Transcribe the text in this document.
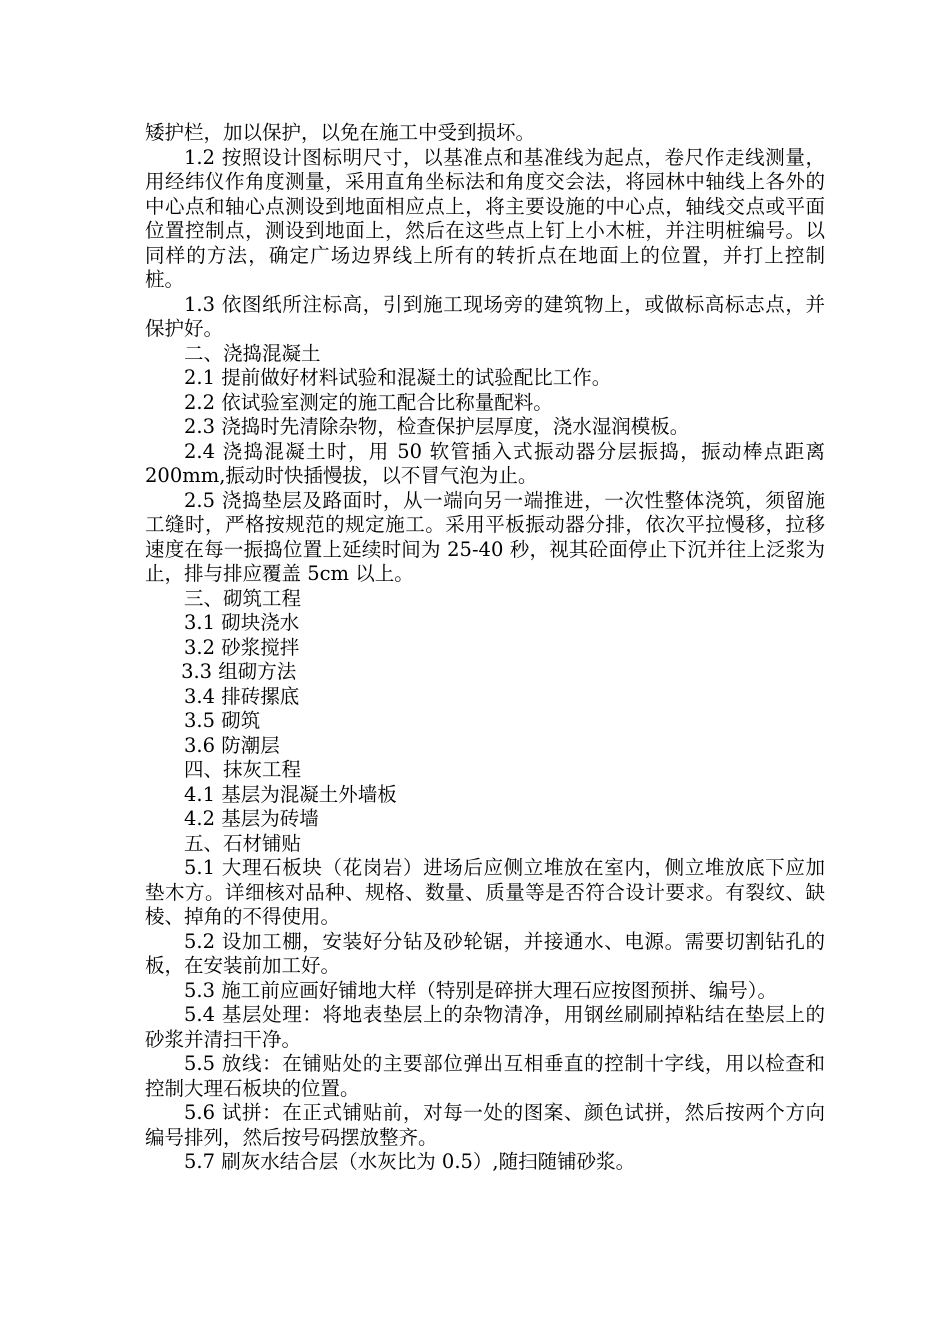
矮护栏，加以保护，以免在施工中受到损坏。

1.2 按照设计图标明尺寸，以基准点和基准线为起点，卷尺作走线测量，用经纬仪作角度测量，采用直角坐标法和角度交会法，将园林中轴线上各外的中心点和轴心点测设到地面相应点上，将主要设施的中心点，轴线交点或平面位置控制点，测设到地面上，然后在这些点上钉上小木桩，并注明桩编号。以同样的方法，确定广场边界线上所有的转折点在地面上的位置，并打上控制桩。

1.3 依图纸所注标高，引到施工现场旁的建筑物上，或做标高标志点，并保护好。

二、浇捣混凝土

2.1 提前做好材料试验和混凝土的试验配比工作。

2.2 依试验室测定的施工配合比称量配料。

2.3 浇捣时先清除杂物，检查保护层厚度，浇水湿润模板。

2.4 浇捣混凝土时，用 50 软管插入式振动器分层振捣，振动棒点距离 200mm,振动时快插慢拔，以不冒气泡为止。

2.5 浇捣垫层及路面时，从一端向另一端推进，一次性整体浇筑，须留施工缝时，严格按规范的规定施工。采用平板振动器分排，依次平拉慢移，拉移速度在每一振捣位置上延续时间为 25-40 秒，视其砼面停止下沉并往上泛浆为止，排与排应覆盖 5cm 以上。

三、砌筑工程

3.1 砌块浇水

3.2 砂浆搅拌

3.3 组砌方法

3.4 排砖摞底

3.5 砌筑

3.6 防潮层

四、抹灰工程

4.1 基层为混凝土外墙板

4.2 基层为砖墙

五、石材铺贴

5.1 大理石板块（花岗岩）进场后应侧立堆放在室内，侧立堆放底下应加垫木方。详细核对品种、规格、数量、质量等是否符合设计要求。有裂纹、缺棱、掉角的不得使用。

5.2 设加工棚，安装好分钻及砂轮锯，并接通水、电源。需要切割钻孔的板，在安装前加工好。

5.3 施工前应画好铺地大样（特别是碎拼大理石应按图预拼、编号）。

5.4 基层处理：将地表垫层上的杂物清净，用钢丝刷刷掉粘结在垫层上的砂浆并清扫干净。

5.5 放线：在铺贴处的主要部位弹出互相垂直的控制十字线，用以检查和控制大理石板块的位置。

5.6 试拼：在正式铺贴前，对每一处的图案、颜色试拼，然后按两个方向编号排列，然后按号码摆放整齐。

5.7 刷灰水结合层（水灰比为 0.5）,随扫随铺砂浆。
